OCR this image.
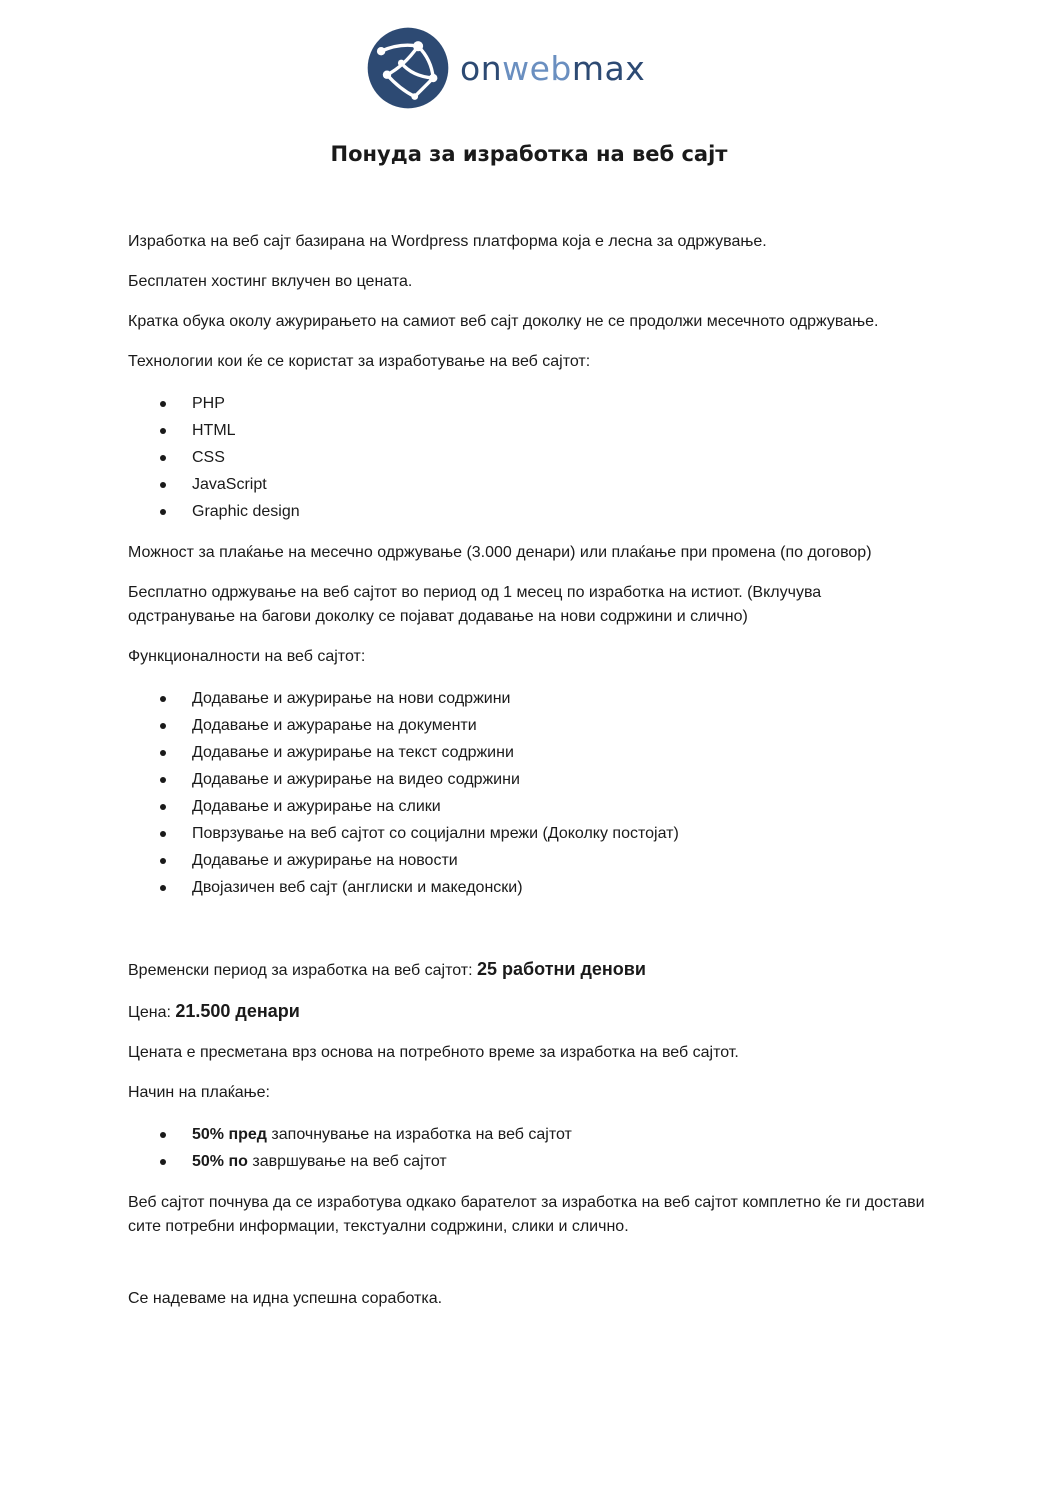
onwebmax
Понуда за изработка на веб сајт

Изработка на веб сајт базирана на Wordpress платформа која е лесна за одржување.

Бесплатен хостинг вклучен во цената.

Кратка обука околу ажурирањето на самиот веб сајт доколку не се продолжи месечното одржување.

Технологии кои ќе се користат за изработување на веб сајтот:

PHP
HTML
CSS
JavaScript
Graphic design

Можност за плаќање на месечно одржување (3.000 денари) или плаќање при промена (по договор)

Бесплатно одржување на веб сајтот во период од 1 месец по изработка на истиот. (Вклучува одстранување на багови доколку се појават додавање на нови содржини и слично)

Функционалности на веб сајтот:

Додавање и ажурирање на нови содржини
Додавање и ажурарање на документи
Додавање и ажурирање на текст содржини
Додавање и ажурирање на видео содржини
Додавање и ажурирање на слики
Поврзување на веб сајтот со социјални мрежи (Доколку постојат)
Додавање и ажурирање на новости
Двојазичен веб сајт (англиски и македонски)

Временски период за изработка на веб сајтот: 25 работни денови

Цена: 21.500 денари

Цената е пресметана врз основа на потребното време за изработка на веб сајтот.

Начин на плаќање:

50% пред започнување на изработка на веб сајтот
50% по завршување на веб сајтот

Веб сајтот почнува да се изработува одкако барателот за изработка на веб сајтот комплетно ќе ги достави сите потребни информации, текстуални содржини, слики и слично.

Се надеваме на идна успешна соработка.
